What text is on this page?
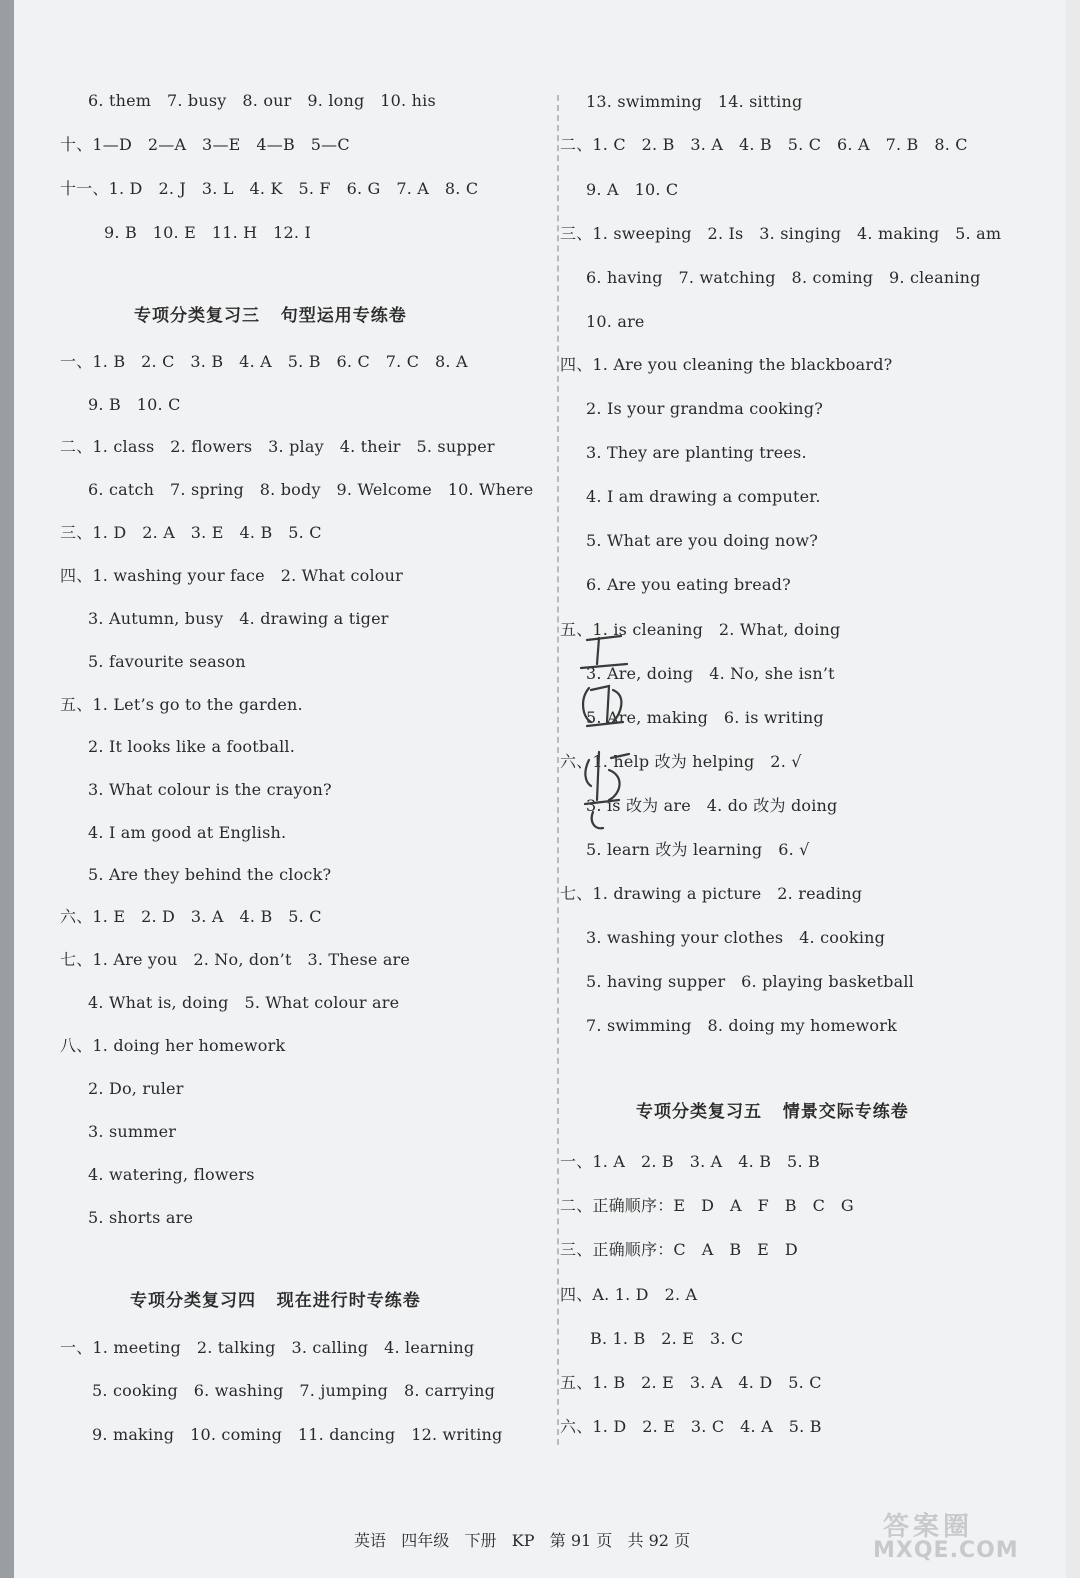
6. them   7. busy   8. our   9. long   10. his
十、1—D   2—A   3—E   4—B   5—C
十一、1. D   2. J   3. L   4. K   5. F   6. G   7. A   8. C
9. B   10. E   11. H   12. I
一、1. B   2. C   3. B   4. A   5. B   6. C   7. C   8. A
9. B   10. C
二、1. class   2. flowers   3. play   4. their   5. supper
6. catch   7. spring   8. body   9. Welcome   10. Where
三、1. D   2. A   3. E   4. B   5. C
四、1. washing your face   2. What colour
3. Autumn, busy   4. drawing a tiger
5. favourite season
五、1. Let’s go to the garden.
2. It looks like a football.
3. What colour is the crayon?
4. I am good at English.
5. Are they behind the clock?
六、1. E   2. D   3. A   4. B   5. C
七、1. Are you   2. No, don’t   3. These are
4. What is, doing   5. What colour are
八、1. doing her homework
2. Do, ruler
3. summer
4. watering, flowers
5. shorts are
一、1. meeting   2. talking   3. calling   4. learning
5. cooking   6. washing   7. jumping   8. carrying
9. making   10. coming   11. dancing   12. writing
13. swimming   14. sitting
二、1. C   2. B   3. A   4. B   5. C   6. A   7. B   8. C
9. A   10. C
三、1. sweeping   2. Is   3. singing   4. making   5. am
6. having   7. watching   8. coming   9. cleaning
10. are
四、1. Are you cleaning the blackboard?
2. Is your grandma cooking?
3. They are planting trees.
4. I am drawing a computer.
5. What are you doing now?
6. Are you eating bread?
五、1. is cleaning   2. What, doing
3. Are, doing   4. No, she isn’t
5. Are, making   6. is writing
六、1. help 改为 helping   2. √
3. is 改为 are   4. do 改为 doing
5. learn 改为 learning   6. √
七、1. drawing a picture   2. reading
3. washing your clothes   4. cooking
5. having supper   6. playing basketball
7. swimming   8. doing my homework
一、1. A   2. B   3. A   4. B   5. B
二、正确顺序：E   D   A   F   B   C   G
三、正确顺序：C   A   B   E   D
四、A. 1. D   2. A
B. 1. B   2. E   3. C
五、1. B   2. E   3. A   4. D   5. C
六、1. D   2. E   3. C   4. A   5. B
专项分类复习三   句型运用专练卷
专项分类复习四   现在进行时专练卷
专项分类复习五   情景交际专练卷
英语   四年级   下册   KP   第 91 页   共 92 页	答案圈
MXQE.COM
